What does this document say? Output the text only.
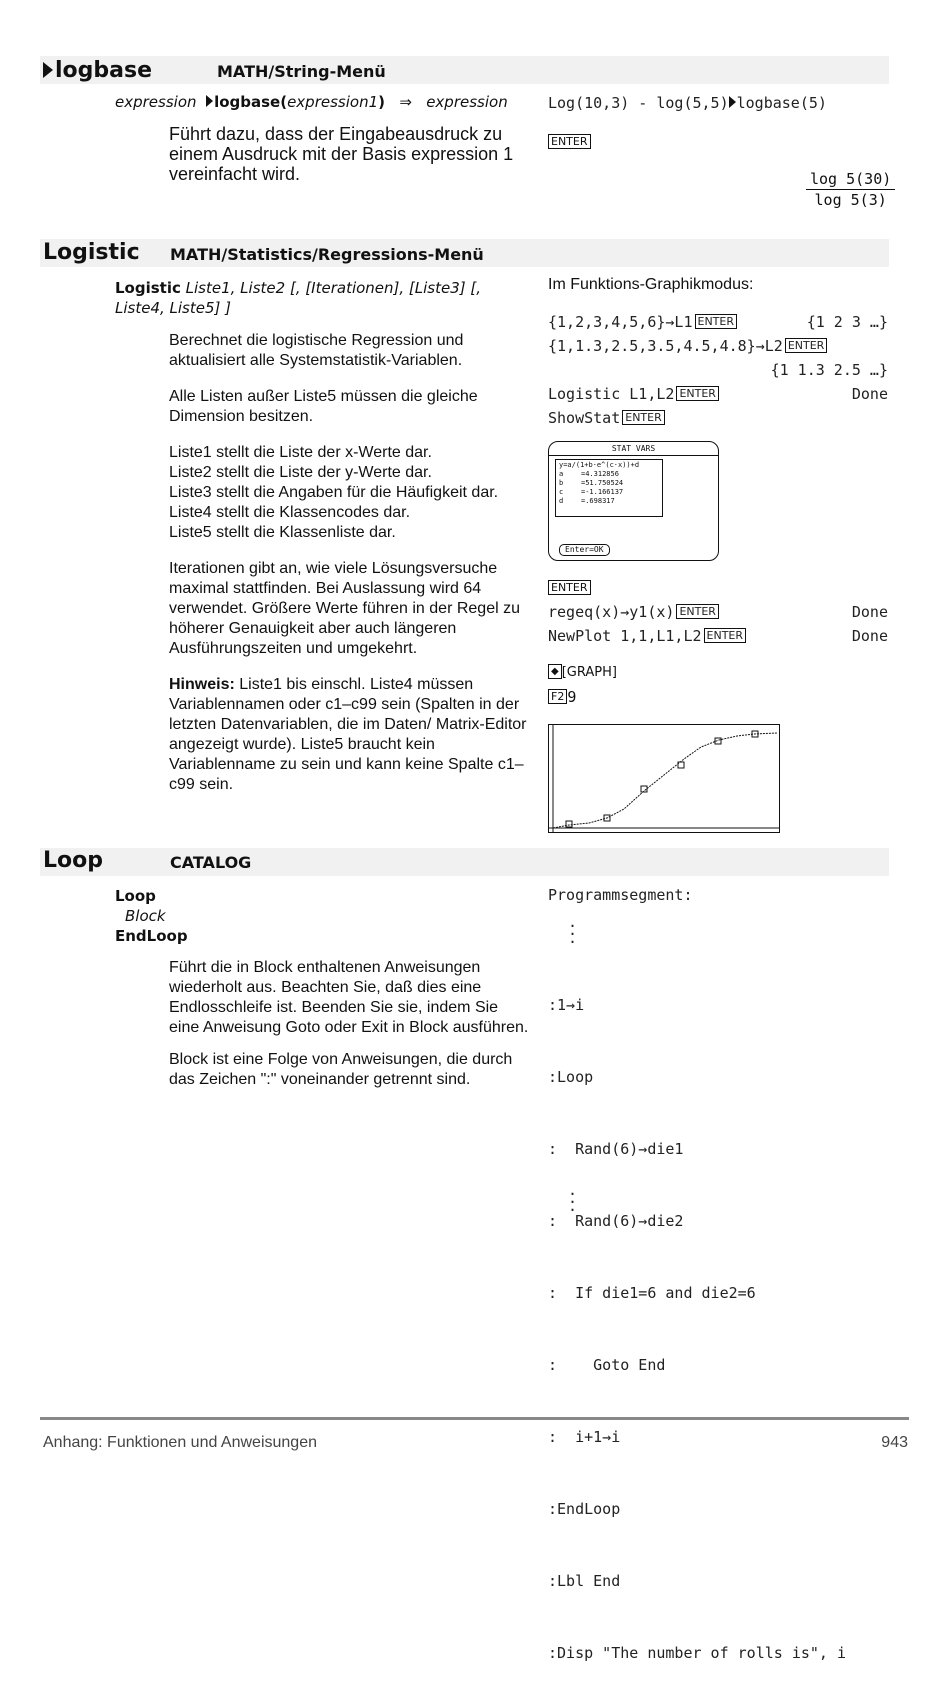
logbase	MATH/String-Menü
expression logbase(expression1) ⇒ expression
Führt dazu, dass der Eingabeausdruck zu einem Ausdruck mit der Basis expression 1 vereinfacht wird.
Log(10,3) - log(5,5) logbase(5)
ENTER
log 5(30)
log 5(3)
Logistic MATH/Statistics/Regressions-Menü
Logistic Liste1, Liste2 [, [Iterationen], [Liste3] [, Liste4, Liste5] ]

Berechnet die logistische Regression und aktualisiert alle Systemstatistik-Variablen.

Alle Listen außer Liste5 müssen die gleiche Dimension besitzen.

Liste1 stellt die Liste der x-Werte dar.
Liste2 stellt die Liste der y-Werte dar.
Liste3 stellt die Angaben für die Häufigkeit dar.
Liste4 stellt die Klassencodes dar.
Liste5 stellt die Klassenliste dar.

Iterationen gibt an, wie viele Lösungsversuche maximal stattfinden. Bei Auslassung wird 64 verwendet. Größere Werte führen in der Regel zu höherer Genauigkeit aber auch längeren Ausführungszeiten und umgekehrt.

Hinweis: Liste1 bis einschl. Liste4 müssen Variablennamen oder c1–c99 sein (Spalten in der letzten Datenvariablen, die im Daten/ Matrix-Editor angezeigt wurde). Liste5 braucht kein Variablenname zu sein und kann keine Spalte c1–c99 sein.

Im Funktions-Graphikmodus:
{1,2,3,4,5,6}→L1 ENTER	{1 2 3 …}
{1,1.3,2.5,3.5,4.5,4.8}→L2 ENTER
{1 1.3 2.5 …}
Logistic L1,L2 ENTER	Done
ShowStat ENTER
STAT VARS
y=a/(1+b·e^(c·x))+d
a	=4.312856
b	=51.750524
c	=-1.166137
d	=.698317
Enter=OK
ENTER
regeq(x)→y1(x) ENTER	Done
NewPlot 1,1,L1,L2 ENTER	Done
◆ [GRAPH]
F2 9
Loop	CATALOG
Loop
Block
EndLoop

Führt die in Block enthaltenen Anweisungen wiederholt aus. Beachten Sie, daß dies eine Endlosschleife ist. Beenden Sie sie, indem Sie eine Anweisung Goto oder Exit in Block ausführen.

Block ist eine Folge von Anweisungen, die durch das Zeichen ":" voneinander getrennt sind.

Programmsegment:
.
.
.

:1→i

:Loop

:  Rand(6)→die1

:  Rand(6)→die2

:  If die1=6 and die2=6

:    Goto End

:  i+1→i

:EndLoop

:Lbl End

:Disp "The number of rolls is", i

.
.
.
Anhang: Funktionen und Anweisungen	943
